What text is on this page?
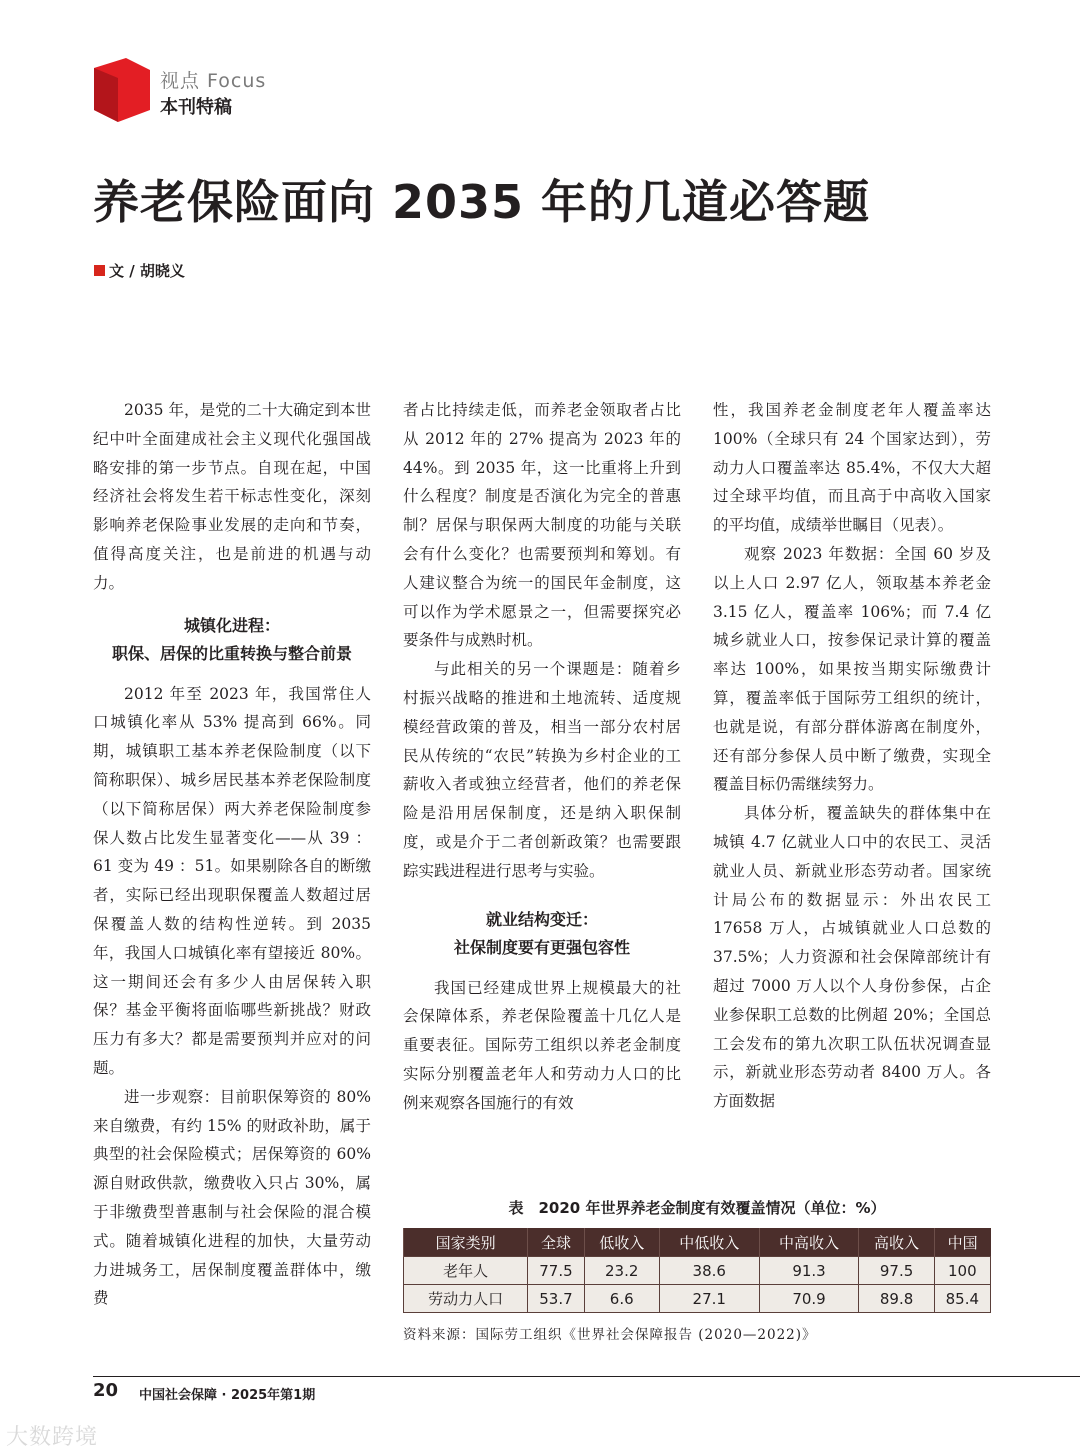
视点 Focus
本刊特稿
养老保险面向 2035 年的几道必答题
文 / 胡晓义

2035 年，是党的二十大确定到本世纪中叶全面建成社会主义现代化强国战略安排的第一步节点。自现在起，中国经济社会将发生若干标志性变化，深刻影响养老保险事业发展的走向和节奏，值得高度关注，也是前进的机遇与动力。

城镇化进程：
职保、居保的比重转换与整合前景

2012 年至 2023 年，我国常住人口城镇化率从 53% 提高到 66%。同期，城镇职工基本养老保险制度（以下简称职保）、城乡居民基本养老保险制度（以下简称居保）两大养老保险制度参保人数占比发生显著变化——从 39 ：61 变为 49 ：51。如果剔除各自的断缴者，实际已经出现职保覆盖人数超过居保覆盖人数的结构性逆转。到 2035 年，我国人口城镇化率有望接近 80%。这一期间还会有多少人由居保转入职保？基金平衡将面临哪些新挑战？财政压力有多大？都是需要预判并应对的问题。

进一步观察：目前职保筹资的 80% 来自缴费，有约 15% 的财政补助，属于典型的社会保险模式；居保筹资的 60% 源自财政供款，缴费收入只占 30%，属于非缴费型普惠制与社会保险的混合模式。随着城镇化进程的加快，大量劳动力进城务工，居保制度覆盖群体中，缴费

者占比持续走低，而养老金领取者占比从 2012 年的 27% 提高为 2023 年的 44%。到 2035 年，这一比重将上升到什么程度？制度是否演化为完全的普惠制？居保与职保两大制度的功能与关联会有什么变化？也需要预判和筹划。有人建议整合为统一的国民年金制度，这可以作为学术愿景之一，但需要探究必要条件与成熟时机。

与此相关的另一个课题是：随着乡村振兴战略的推进和土地流转、适度规模经营政策的普及，相当一部分农村居民从传统的“农民”转换为乡村企业的工薪收入者或独立经营者，他们的养老保险是沿用居保制度，还是纳入职保制度，或是介于二者创新政策？也需要跟踪实践进程进行思考与实验。

就业结构变迁：
社保制度要有更强包容性

我国已经建成世界上规模最大的社会保障体系，养老保险覆盖十几亿人是重要表征。国际劳工组织以养老金制度实际分别覆盖老年人和劳动力人口的比例来观察各国施行的有效

性，我国养老金制度老年人覆盖率达 100%（全球只有 24 个国家达到），劳动力人口覆盖率达 85.4%，不仅大大超过全球平均值，而且高于中高收入国家的平均值，成绩举世瞩目（见表）。

观察 2023 年数据：全国 60 岁及以上人口 2.97 亿人，领取基本养老金 3.15 亿人，覆盖率 106%；而 7.4 亿城乡就业人口，按参保记录计算的覆盖率达 100%，如果按当期实际缴费计算，覆盖率低于国际劳工组织的统计，也就是说，有部分群体游离在制度外，还有部分参保人员中断了缴费，实现全覆盖目标仍需继续努力。

具体分析，覆盖缺失的群体集中在城镇 4.7 亿就业人口中的农民工、灵活就业人员、新就业形态劳动者。国家统计局公布的数据显示：外出农民工 17658 万人，占城镇就业人口总数的 37.5%；人力资源和社会保障部统计有超过 7000 万人以个人身份参保，占企业参保职工总数的比例超 20%；全国总工会发布的第九次职工队伍状况调查显示，新就业形态劳动者 8400 万人。各方面数据

表　2020 年世界养老金制度有效覆盖情况（单位：%）
国家类别	全球	低收入	中低收入	中高收入	高收入	中国
老年人	77.5	23.2	38.6	91.3	97.5	100
劳动力人口	53.7	6.6	27.1	70.9	89.8	85.4
资料来源：国际劳工组织《世界社会保障报告 (2020—2022)》
20 中国社会保障 · 2025年第1期
大数跨境
